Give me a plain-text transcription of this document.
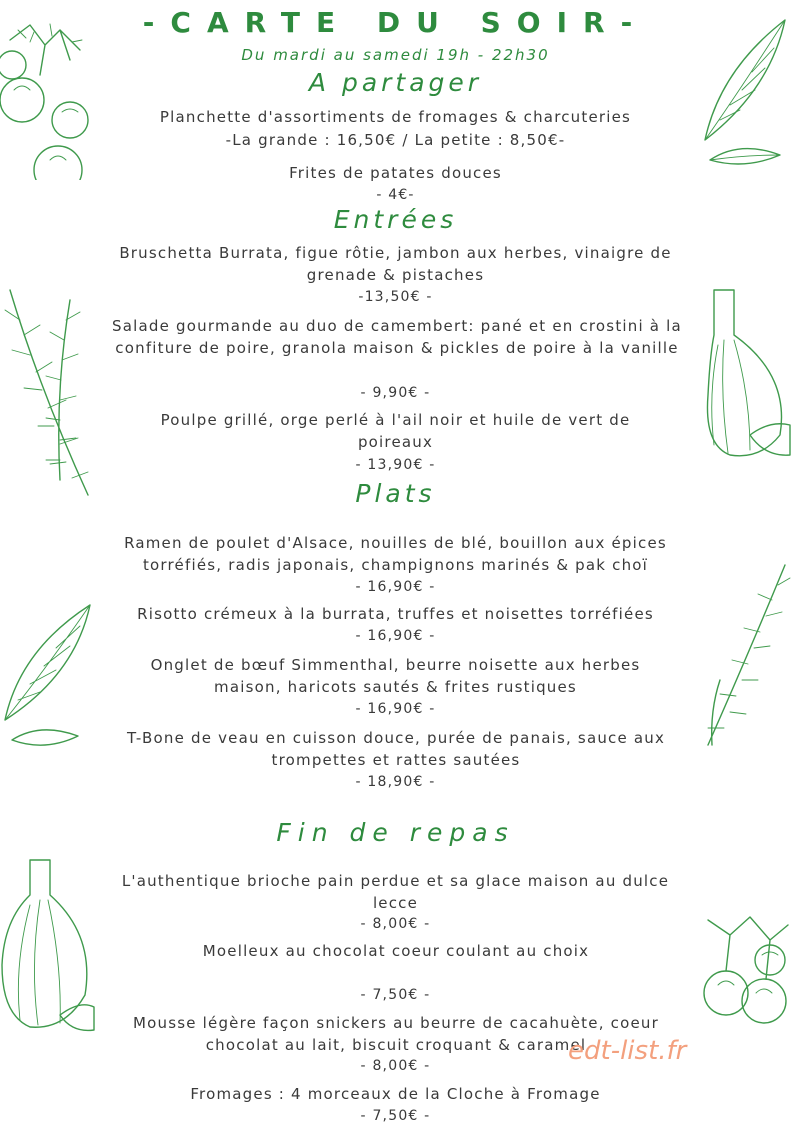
-CARTE DU SOIR-
Du mardi au samedi 19h - 22h30
A partager
Planchette d'assortiments de fromages & charcuteries
-La grande : 16,50€ / La petite : 8,50€-
Frites de patates douces
- 4€-
Entrées
Bruschetta Burrata, figue rôtie, jambon aux herbes, vinaigre de grenade & pistaches
-13,50€ -
Salade gourmande au duo de camembert: pané et en crostini à la confiture de poire, granola maison & pickles de poire à la vanille
- 9,90€ -
Poulpe grillé, orge perlé à l'ail noir et huile de vert de poireaux
- 13,90€ -
Plats
Ramen de poulet d'Alsace, nouilles de blé, bouillon aux épices torréfiés, radis japonais, champignons marinés & pak choï
- 16,90€ -
Risotto crémeux à la burrata, truffes et noisettes torréfiées
- 16,90€ -
Onglet de bœuf Simmenthal, beurre noisette aux herbes maison, haricots sautés & frites rustiques
- 16,90€ -
T-Bone de veau en cuisson douce, purée de panais, sauce aux trompettes et rattes sautées
- 18,90€ -
Fin de repas
L'authentique brioche pain perdue et sa glace maison au dulce lecce
- 8,00€ -
Moelleux au chocolat coeur coulant au choix
- 7,50€ -
Mousse légère façon snickers au beurre de cacahuète, coeur chocolat au lait, biscuit croquant & caramel
- 8,00€ -
Fromages : 4 morceaux de la Cloche à Fromage
- 7,50€ -
edt-list.fr
